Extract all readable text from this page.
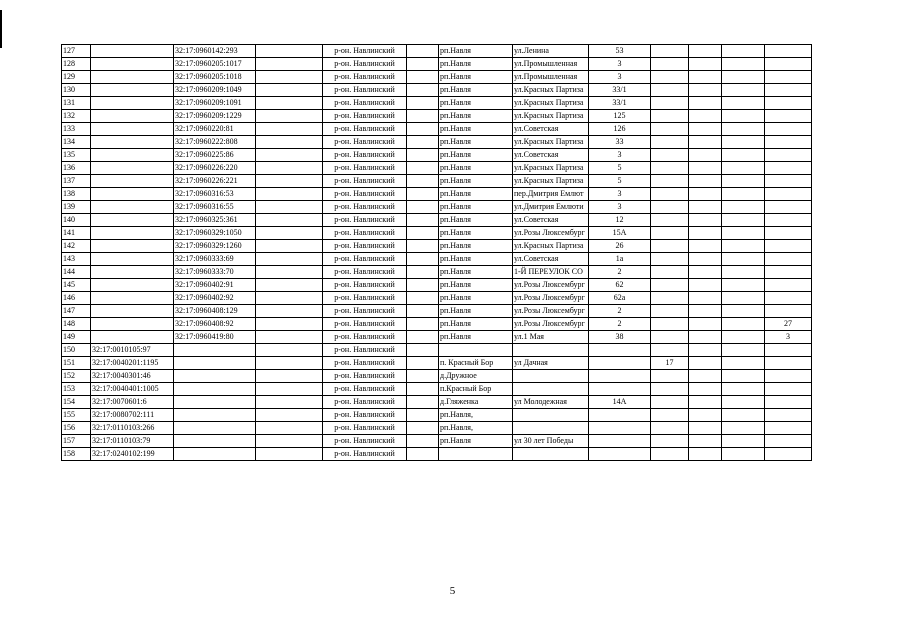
127		32:17:0960142:293		р-он. Навлинский		рп.Навля	ул.Ленина	53				
128		32:17:0960205:1017		р-он. Навлинский		рп.Навля	ул.Промышленная	3				
129		32:17:0960205:1018		р-он. Навлинский		рп.Навля	ул.Промышленная	3				
130		32:17:0960209:1049		р-он. Навлинский		рп.Навля	ул.Красных Партиза	33/1				
131		32:17:0960209:1091		р-он. Навлинский		рп.Навля	ул.Красных Партиза	33/1				
132		32:17:0960209:1229		р-он. Навлинский		рп.Навля	ул.Красных Партиза	125				
133		32:17:0960220:81		р-он. Навлинский		рп.Навля	ул.Советская	126				
134		32:17:0960222:808		р-он. Навлинский		рп.Навля	ул.Красных Партиза	33				
135		32:17:0960225:86		р-он. Навлинский		рп.Навля	ул.Советская	3				
136		32:17:0960226:220		р-он. Навлинский		рп.Навля	ул.Красных Партиза	5				
137		32:17:0960226:221		р-он. Навлинский		рп.Навля	ул.Красных Партиза	5				
138		32:17:0960316:53		р-он. Навлинский		рп.Навля	пер.Дмитрия Емлют	3				
139		32:17:0960316:55		р-он. Навлинский		рп.Навля	ул.Дмитрия Емлюти	3				
140		32:17:0960325:361		р-он. Навлинский		рп.Навля	ул.Советская	12				
141		32:17:0960329:1050		р-он. Навлинский		рп.Навля	ул.Розы Люксембург	15А				
142		32:17:0960329:1260		р-он. Навлинский		рп.Навля	ул.Красных Партиза	26				
143		32:17:0960333:69		р-он. Навлинский		рп.Навля	ул.Советская	1а				
144		32:17:0960333:70		р-он. Навлинский		рп.Навля	1-Й ПЕРЕУЛОК СО	2				
145		32:17:0960402:91		р-он. Навлинский		рп.Навля	ул.Розы Люксембург	62				
146		32:17:0960402:92		р-он. Навлинский		рп.Навля	ул.Розы Люксембург	62а				
147		32:17:0960408:129		р-он. Навлинский		рп.Навля	ул.Розы Люксембург	2				
148		32:17:0960408:92		р-он. Навлинский		рп.Навля	ул.Розы Люксембург	2				27
149		32:17:0960419:80		р-он. Навлинский		рп.Навля	ул.1 Мая	38				3
150	32:17:0010105:97			р-он. Навлинский								
151	32:17:0040201:1195			р-он. Навлинский		п. Красный Бор	ул Дачная		17			
152	32:17:0040301:46			р-он. Навлинский		д.Дружное						
153	32:17:0040401:1005			р-он. Навлинский		п.Красный Бор						
154	32:17:0070601:6			р-он. Навлинский		д.Гляженка	ул Молодежная	14А				
155	32:17:0080702:111			р-он. Навлинский		рп.Навля,						
156	32:17:0110103:266			р-он. Навлинский		рп.Навля,						
157	32:17:0110103:79			р-он. Навлинский		рп.Навля	ул 30 лет Победы					
158	32:17:0240102:199			р-он. Навлинский								
5
